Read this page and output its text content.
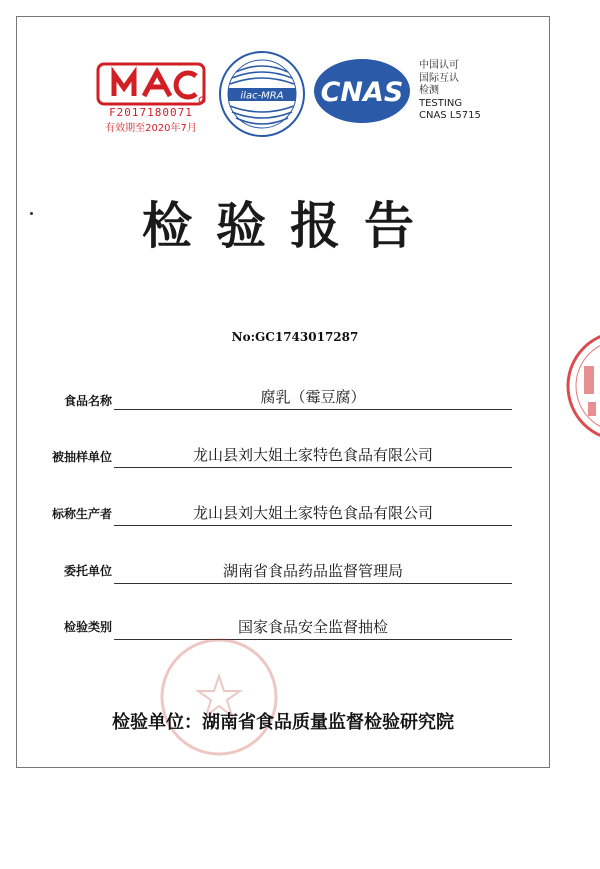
F2017180071
有效期至2020年7月
ilac-MRA CNAS
中国认可
国际互认
检测
TESTING
CNAS L5715
检验报告
No:GC1743017287
食品名称	腐乳（霉豆腐）
被抽样单位	龙山县刘大姐土家特色食品有限公司
标称生产者	龙山县刘大姐土家特色食品有限公司
委托单位	湖南省食品药品监督管理局
检验类别	国家食品安全监督抽检
检验单位：湖南省食品质量监督检验研究院
